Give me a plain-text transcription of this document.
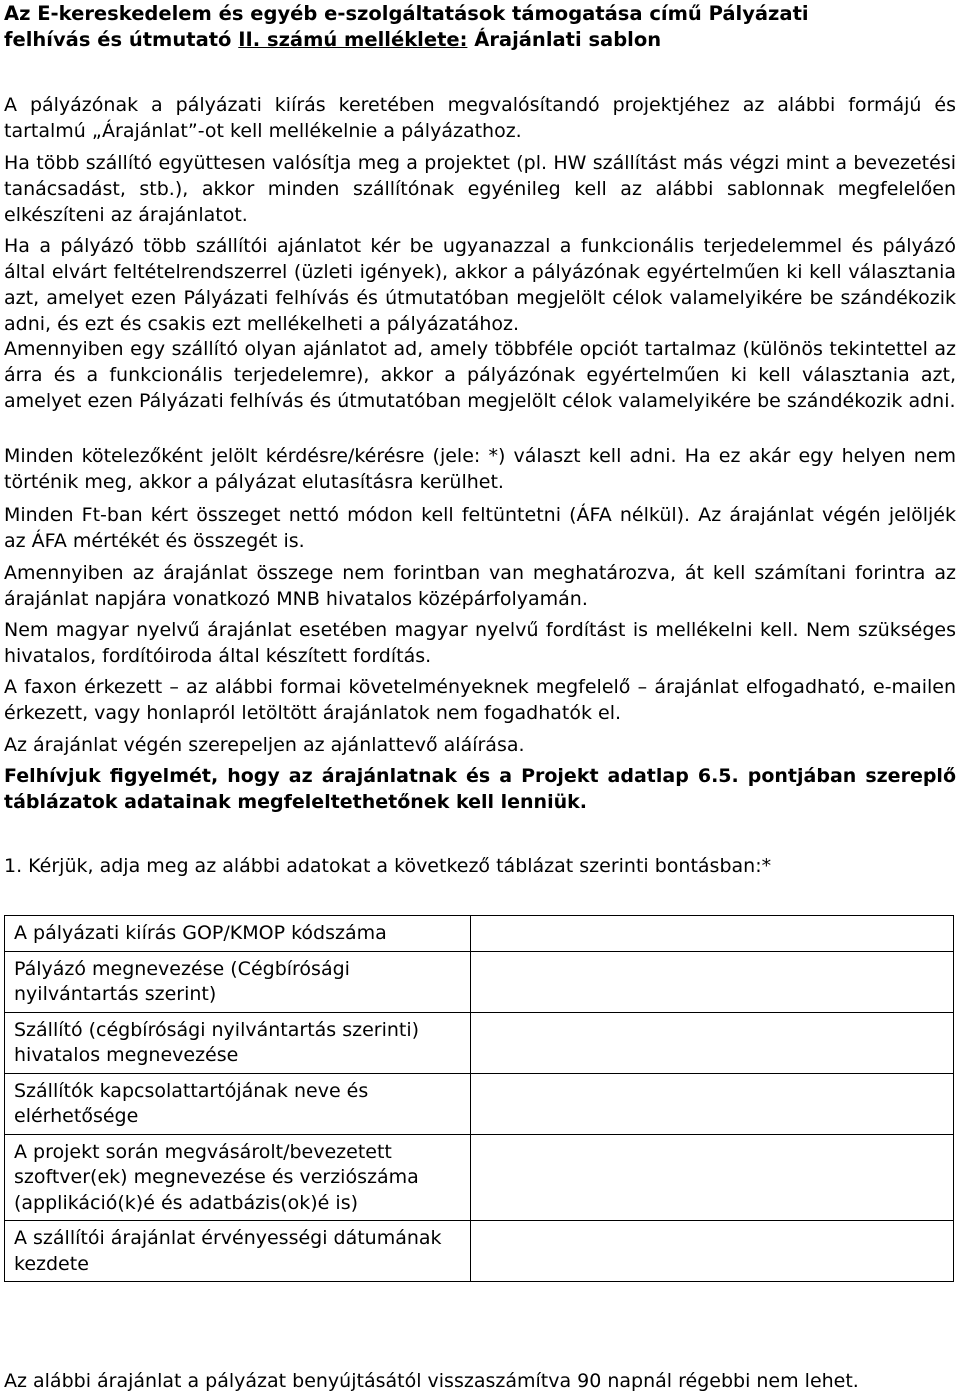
Az E-kereskedelem és egyéb e-szolgáltatások támogatása című Pályázati

felhívás és útmutató II. számú melléklete: Árajánlati sablon

A pályázónak a pályázati kiírás keretében megvalósítandó projektjéhez az alábbi formájú és tartalmú „Árajánlat”-ot kell mellékelnie a pályázathoz.

Ha több szállító együttesen valósítja meg a projektet (pl. HW szállítást más végzi mint a bevezetési tanácsadást, stb.), akkor minden szállítónak egyénileg kell az alábbi sablonnak megfelelően elkészíteni az árajánlatot.

Ha a pályázó több szállítói ajánlatot kér be ugyanazzal a funkcionális terjedelemmel és pályázó által elvárt feltételrendszerrel (üzleti igények), akkor a pályázónak egyértelműen ki kell választania azt, amelyet ezen Pályázati felhívás és útmutatóban megjelölt célok valamelyikére be szándékozik adni, és ezt és csakis ezt mellékelheti a pályázatához.

Amennyiben egy szállító olyan ajánlatot ad, amely többféle opciót tartalmaz (különös tekintettel az árra és a funkcionális terjedelemre), akkor a pályázónak egyértelműen ki kell választania azt, amelyet ezen Pályázati felhívás és útmutatóban megjelölt célok valamelyikére be szándékozik adni.

Minden kötelezőként jelölt kérdésre/kérésre (jele: *) választ kell adni. Ha ez akár egy helyen nem történik meg, akkor a pályázat elutasításra kerülhet.

Minden Ft-ban kért összeget nettó módon kell feltüntetni (ÁFA nélkül). Az árajánlat végén jelöljék az ÁFA mértékét és összegét is.

Amennyiben az árajánlat összege nem forintban van meghatározva, át kell számítani forintra az árajánlat napjára vonatkozó MNB hivatalos középárfolyamán.

Nem magyar nyelvű árajánlat esetében magyar nyelvű fordítást is mellékelni kell. Nem szükséges hivatalos, fordítóiroda által készített fordítás.

A faxon érkezett – az alábbi formai követelményeknek megfelelő – árajánlat elfogadható, e-mailen érkezett, vagy honlapról letöltött árajánlatok nem fogadhatók el.

Az árajánlat végén szerepeljen az ajánlattevő aláírása.

Felhívjuk figyelmét, hogy az árajánlatnak és a Projekt adatlap 6.5. pontjában szereplő táblázatok adatainak megfeleltethetőnek kell lenniük.

1. Kérjük, adja meg az alábbi adatokat a következő táblázat szerinti bontásban:*

A pályázati kiírás GOP/KMOP kódszáma	
Pályázó megnevezése (Cégbírósági nyilvántartás szerint)	
Szállító (cégbírósági nyilvántartás szerinti) hivatalos megnevezése	
Szállítók kapcsolattartójának neve és elérhetősége	
A projekt során megvásárolt/bevezetett szoftver(ek) megnevezése és verziószáma (applikáció(k)é és adatbázis(ok)é is)	
A szállítói árajánlat érvényességi dátumának kezdete	

Az alábbi árajánlat a pályázat benyújtásától visszaszámítva 90 napnál régebbi nem lehet.
